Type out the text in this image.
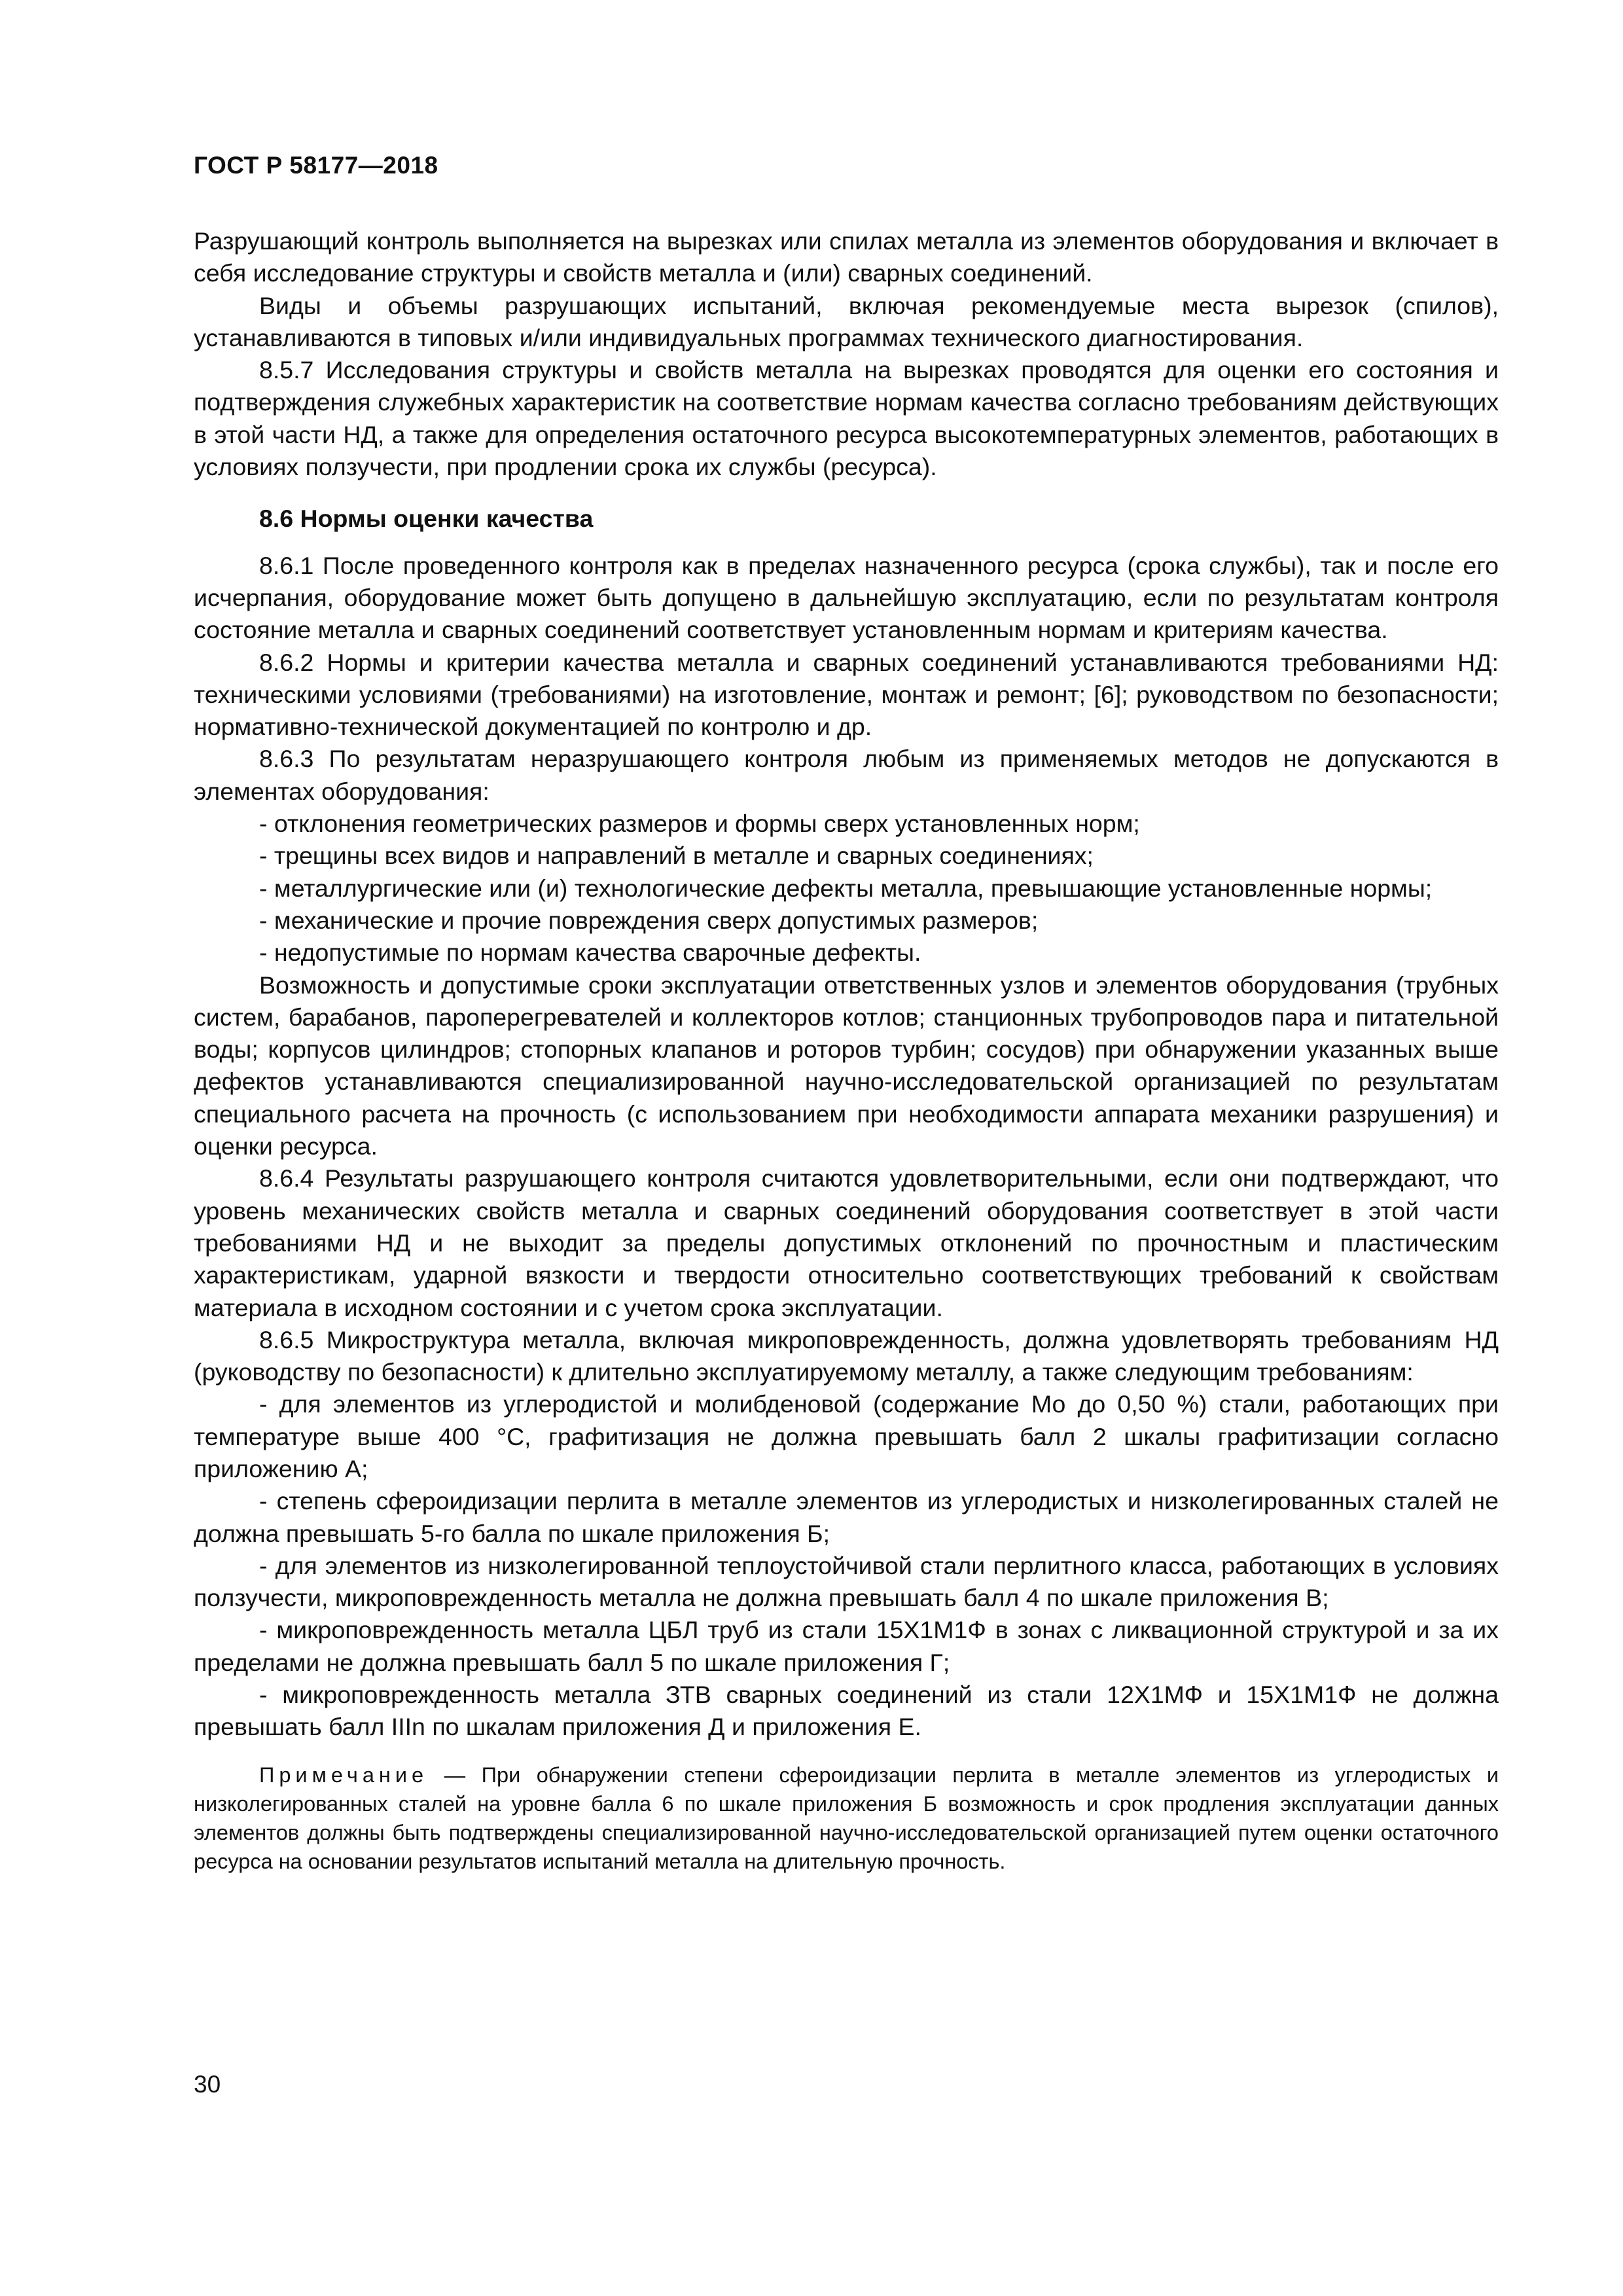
ГОСТ Р 58177—2018

Разрушающий контроль выполняется на вырезках или спилах металла из элементов оборудования и включает в себя исследование структуры и свойств металла и (или) сварных соединений.

Виды и объемы разрушающих испытаний, включая рекомендуемые места вырезок (спилов), устанавливаются в типовых и/или индивидуальных программах технического диагностирования.

8.5.7 Исследования структуры и свойств металла на вырезках проводятся для оценки его состояния и подтверждения служебных характеристик на соответствие нормам качества согласно требованиям действующих в этой части НД, а также для определения остаточного ресурса высокотемпературных элементов, работающих в условиях ползучести, при продлении срока их службы (ресурса).

8.6 Нормы оценки качества

8.6.1 После проведенного контроля как в пределах назначенного ресурса (срока службы), так и после его исчерпания, оборудование может быть допущено в дальнейшую эксплуатацию, если по результатам контроля состояние металла и сварных соединений соответствует установленным нормам и критериям качества.

8.6.2 Нормы и критерии качества металла и сварных соединений устанавливаются требованиями НД: техническими условиями (требованиями) на изготовление, монтаж и ремонт; [6]; руководством по безопасности; нормативно-технической документацией по контролю и др.

8.6.3 По результатам неразрушающего контроля любым из применяемых методов не допускаются в элементах оборудования:

- отклонения геометрических размеров и формы сверх установленных норм;
- трещины всех видов и направлений в металле и сварных соединениях;
- металлургические или (и) технологические дефекты металла, превышающие установленные нормы;
- механические и прочие повреждения сверх допустимых размеров;
- недопустимые по нормам качества сварочные дефекты.

Возможность и допустимые сроки эксплуатации ответственных узлов и элементов оборудования (трубных систем, барабанов, пароперегревателей и коллекторов котлов; станционных трубопроводов пара и питательной воды; корпусов цилиндров; стопорных клапанов и роторов турбин; сосудов) при обнаружении указанных выше дефектов устанавливаются специализированной научно-исследовательской организацией по результатам специального расчета на прочность (с использованием при необходимости аппарата механики разрушения) и оценки ресурса.

8.6.4 Результаты разрушающего контроля считаются удовлетворительными, если они подтверждают, что уровень механических свойств металла и сварных соединений оборудования соответствует в этой части требованиями НД и не выходит за пределы допустимых отклонений по прочностным и пластическим характеристикам, ударной вязкости и твердости относительно соответствующих требований к свойствам материала в исходном состоянии и с учетом срока эксплуатации.

8.6.5 Микроструктура металла, включая микроповрежденность, должна удовлетворять требованиям НД (руководству по безопасности) к длительно эксплуатируемому металлу, а также следующим требованиям:

- для элементов из углеродистой и молибденовой (содержание Мо до 0,50 %) стали, работающих при температуре выше 400 °С, графитизация не должна превышать балл 2 шкалы графитизации согласно приложению А;
- степень сфероидизации перлита в металле элементов из углеродистых и низколегированных сталей не должна превышать 5-го балла по шкале приложения Б;
- для элементов из низколегированной теплоустойчивой стали перлитного класса, работающих в условиях ползучести, микроповрежденность металла не должна превышать балл 4 по шкале приложения В;
- микроповрежденность металла ЦБЛ труб из стали 15Х1М1Ф в зонах с ликвационной структурой и за их пределами не должна превышать балл 5 по шкале приложения Г;
- микроповрежденность металла ЗТВ сварных соединений из стали 12Х1МФ и 15Х1М1Ф не должна превышать балл IIIn по шкалам приложения Д и приложения Е.

Примечание — При обнаружении степени сфероидизации перлита в металле элементов из углеродистых и низколегированных сталей на уровне балла 6 по шкале приложения Б возможность и срок продления эксплуатации данных элементов должны быть подтверждены специализированной научно-исследовательской организацией путем оценки остаточного ресурса на основании результатов испытаний металла на длительную прочность.

30
